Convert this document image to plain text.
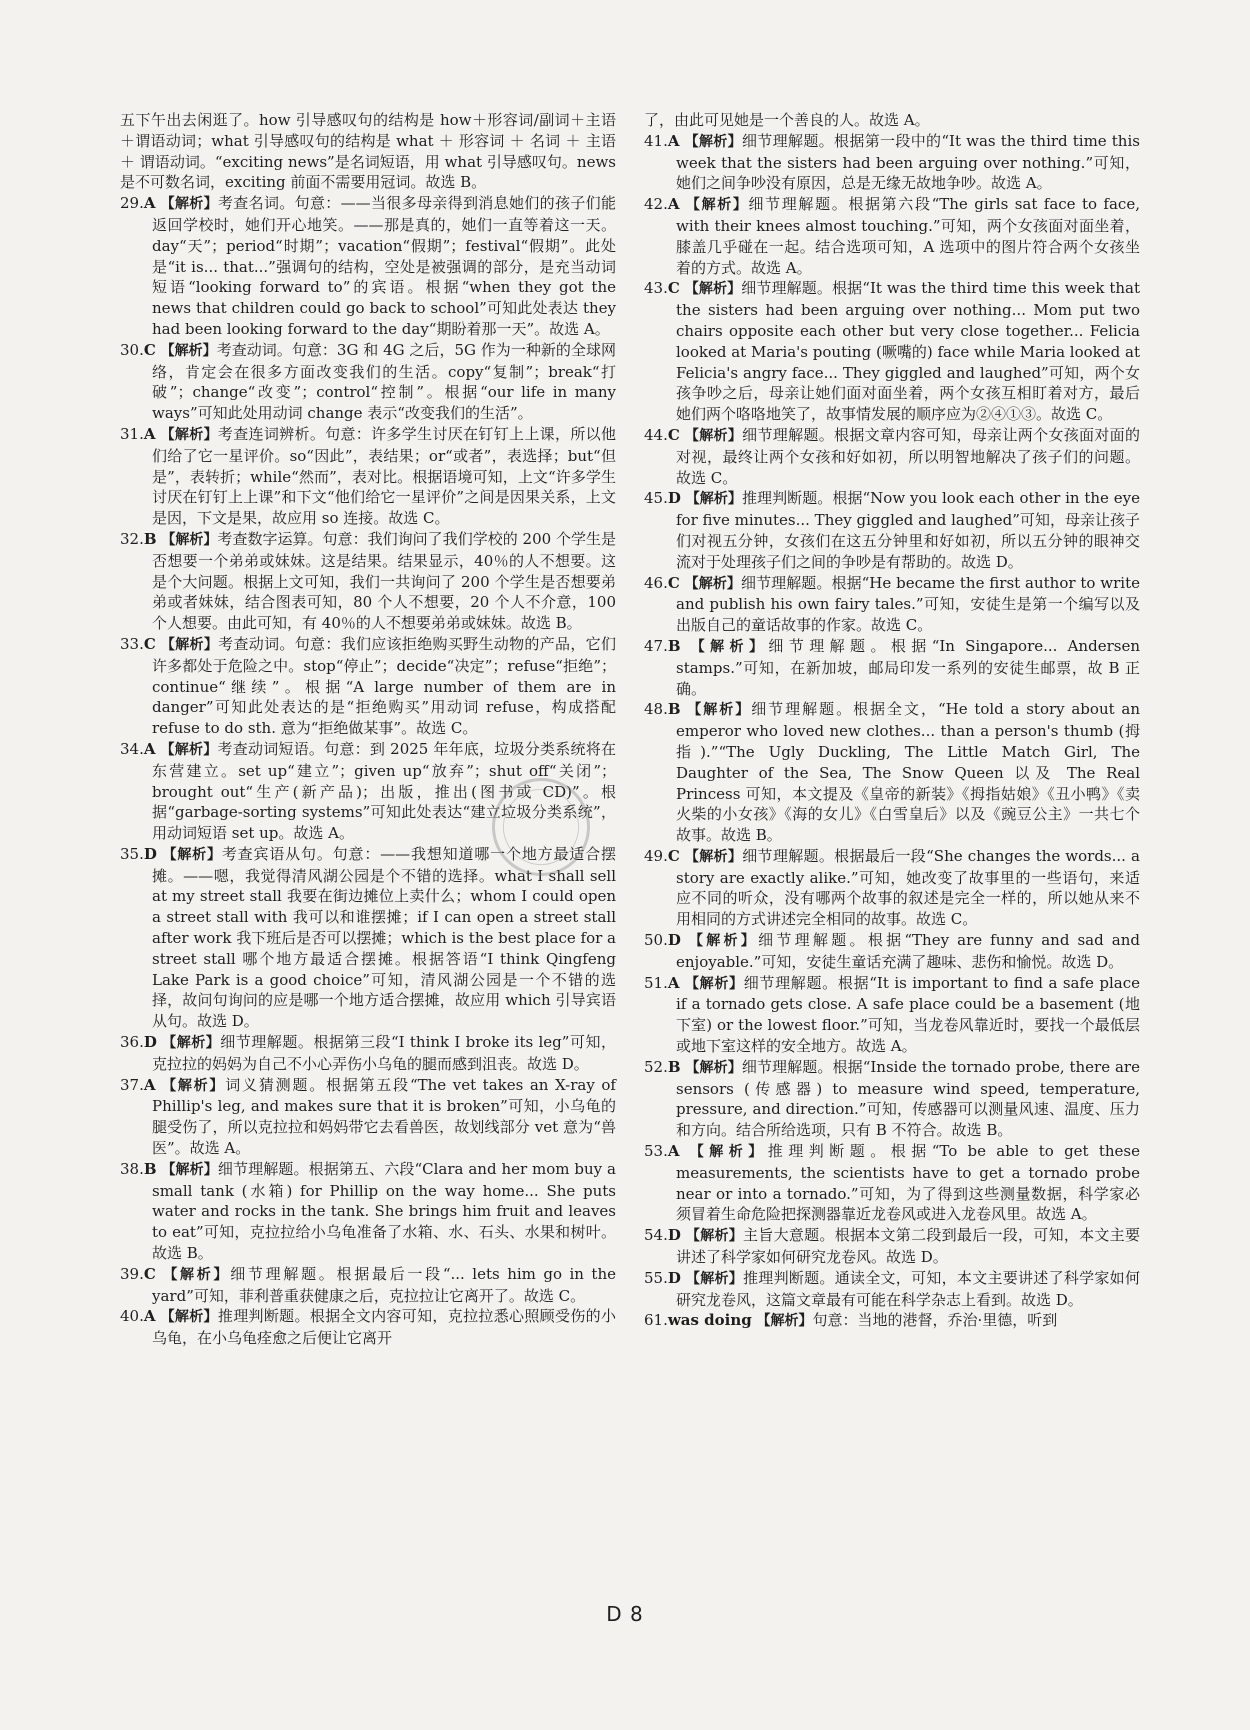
五下午出去闲逛了。how 引导感叹句的结构是 how＋形容词/副词＋主语＋谓语动词；what 引导感叹句的结构是 what ＋ 形容词 ＋ 名词 ＋ 主语 ＋ 谓语动词。“exciting news”是名词短语，用 what 引导感叹句。news 是不可数名词，exciting 前面不需要用冠词。故选 B。

29.A 【解析】考查名词。句意：——当很多母亲得到消息她们的孩子们能返回学校时，她们开心地笑。——那是真的，她们一直等着这一天。day“天”；period“时期”；vacation“假期”；festival“假期”。此处是“it is... that...”强调句的结构，空处是被强调的部分，是充当动词短语“looking forward to”的宾语。根据“when they got the news that children could go back to school”可知此处表达 they had been looking forward to the day“期盼着那一天”。故选 A。

30.C 【解析】考查动词。句意：3G 和 4G 之后，5G 作为一种新的全球网络，肯定会在很多方面改变我们的生活。copy“复制”；break“打破”；change“改变”；control“控制”。根据“our life in many ways”可知此处用动词 change 表示“改变我们的生活”。

31.A 【解析】考查连词辨析。句意：许多学生讨厌在钉钉上上课，所以他们给了它一星评价。so“因此”，表结果；or“或者”，表选择；but“但是”，表转折；while“然而”，表对比。根据语境可知，上文“许多学生讨厌在钉钉上上课”和下文“他们给它一星评价”之间是因果关系，上文是因，下文是果，故应用 so 连接。故选 C。

32.B 【解析】考查数字运算。句意：我们询问了我们学校的 200 个学生是否想要一个弟弟或妹妹。这是结果。结果显示，40％的人不想要。这是个大问题。根据上文可知，我们一共询问了 200 个学生是否想要弟弟或者妹妹，结合图表可知，80 个人不想要，20 个人不介意，100 个人想要。由此可知，有 40％的人不想要弟弟或妹妹。故选 B。

33.C 【解析】考查动词。句意：我们应该拒绝购买野生动物的产品，它们许多都处于危险之中。stop“停止”；decide“决定”；refuse“拒绝”；continue“继续”。根据“A large number of them are in danger”可知此处表达的是“拒绝购买”用动词 refuse，构成搭配 refuse to do sth. 意为“拒绝做某事”。故选 C。

34.A 【解析】考查动词短语。句意：到 2025 年年底，垃圾分类系统将在东营建立。set up“建立”；given up“放弃”；shut off“关闭”；brought out“生产(新产品)；出版，推出(图书或 CD)”。根据“garbage-sorting systems”可知此处表达“建立垃圾分类系统”，用动词短语 set up。故选 A。

35.D 【解析】考查宾语从句。句意：——我想知道哪一个地方最适合摆摊。——嗯，我觉得清风湖公园是个不错的选择。what I shall sell at my street stall 我要在街边摊位上卖什么；whom I could open a street stall with 我可以和谁摆摊；if I can open a street stall after work 我下班后是否可以摆摊；which is the best place for a street stall 哪个地方最适合摆摊。根据答语“I think Qingfeng Lake Park is a good choice”可知，清风湖公园是一个不错的选择，故问句询问的应是哪一个地方适合摆摊，故应用 which 引导宾语从句。故选 D。

36.D 【解析】细节理解题。根据第三段“I think I broke its leg”可知，克拉拉的妈妈为自己不小心弄伤小乌龟的腿而感到沮丧。故选 D。

37.A 【解析】词义猜测题。根据第五段“The vet takes an X-ray of Phillip's leg, and makes sure that it is broken”可知，小乌龟的腿受伤了，所以克拉拉和妈妈带它去看兽医，故划线部分 vet 意为“兽医”。故选 A。

38.B 【解析】细节理解题。根据第五、六段“Clara and her mom buy a small tank (水箱) for Phillip on the way home... She puts water and rocks in the tank. She brings him fruit and leaves to eat”可知，克拉拉给小乌龟准备了水箱、水、石头、水果和树叶。故选 B。

39.C 【解析】细节理解题。根据最后一段“... lets him go in the yard”可知，菲利普重获健康之后，克拉拉让它离开了。故选 C。

40.A 【解析】推理判断题。根据全文内容可知，克拉拉悉心照顾受伤的小乌龟，在小乌龟痊愈之后便让它离开

了，由此可见她是一个善良的人。故选 A。

41.A 【解析】细节理解题。根据第一段中的“It was the third time this week that the sisters had been arguing over nothing.”可知，她们之间争吵没有原因，总是无缘无故地争吵。故选 A。

42.A 【解析】细节理解题。根据第六段“The girls sat face to face, with their knees almost touching.”可知，两个女孩面对面坐着，膝盖几乎碰在一起。结合选项可知，A 选项中的图片符合两个女孩坐着的方式。故选 A。

43.C 【解析】细节理解题。根据“It was the third time this week that the sisters had been arguing over nothing... Mom put two chairs opposite each other but very close together... Felicia looked at Maria's pouting (噘嘴的) face while Maria looked at Felicia's angry face... They giggled and laughed”可知，两个女孩争吵之后，母亲让她们面对面坐着，两个女孩互相盯着对方，最后她们两个咯咯地笑了，故事情发展的顺序应为②④①③。故选 C。

44.C 【解析】细节理解题。根据文章内容可知，母亲让两个女孩面对面的对视，最终让两个女孩和好如初，所以明智地解决了孩子们的问题。故选 C。

45.D 【解析】推理判断题。根据“Now you look each other in the eye for five minutes... They giggled and laughed”可知，母亲让孩子们对视五分钟，女孩们在这五分钟里和好如初，所以五分钟的眼神交流对于处理孩子们之间的争吵是有帮助的。故选 D。

46.C 【解析】细节理解题。根据“He became the first author to write and publish his own fairy tales.”可知，安徒生是第一个编写以及出版自己的童话故事的作家。故选 C。

47.B 【解析】细节理解题。根据“In Singapore... Andersen stamps.”可知，在新加坡，邮局印发一系列的安徒生邮票，故 B 正确。

48.B 【解析】细节理解题。根据全文，“He told a story about an emperor who loved new clothes... than a person's thumb (拇指).”“The Ugly Duckling, The Little Match Girl, The Daughter of the Sea, The Snow Queen 以及 The Real Princess 可知，本文提及《皇帝的新装》《拇指姑娘》《丑小鸭》《卖火柴的小女孩》《海的女儿》《白雪皇后》以及《豌豆公主》一共七个故事。故选 B。

49.C 【解析】细节理解题。根据最后一段“She changes the words... a story are exactly alike.”可知，她改变了故事里的一些语句，来适应不同的听众，没有哪两个故事的叙述是完全一样的，所以她从来不用相同的方式讲述完全相同的故事。故选 C。

50.D 【解析】细节理解题。根据“They are funny and sad and enjoyable.”可知，安徒生童话充满了趣味、悲伤和愉悦。故选 D。

51.A 【解析】细节理解题。根据“It is important to find a safe place if a tornado gets close. A safe place could be a basement (地下室) or the lowest floor.”可知，当龙卷风靠近时，要找一个最低层或地下室这样的安全地方。故选 A。

52.B 【解析】细节理解题。根据“Inside the tornado probe, there are sensors (传感器) to measure wind speed, temperature, pressure, and direction.”可知，传感器可以测量风速、温度、压力和方向。结合所给选项，只有 B 不符合。故选 B。

53.A 【解析】推理判断题。根据“To be able to get these measurements, the scientists have to get a tornado probe near or into a tornado.”可知，为了得到这些测量数据，科学家必须冒着生命危险把探测器靠近龙卷风或进入龙卷风里。故选 A。

54.D 【解析】主旨大意题。根据本文第二段到最后一段，可知，本文主要讲述了科学家如何研究龙卷风。故选 D。

55.D 【解析】推理判断题。通读全文，可知，本文主要讲述了科学家如何研究龙卷风，这篇文章最有可能在科学杂志上看到。故选 D。

61.was doing 【解析】句意：当地的港督，乔治·里德，听到

D 8
